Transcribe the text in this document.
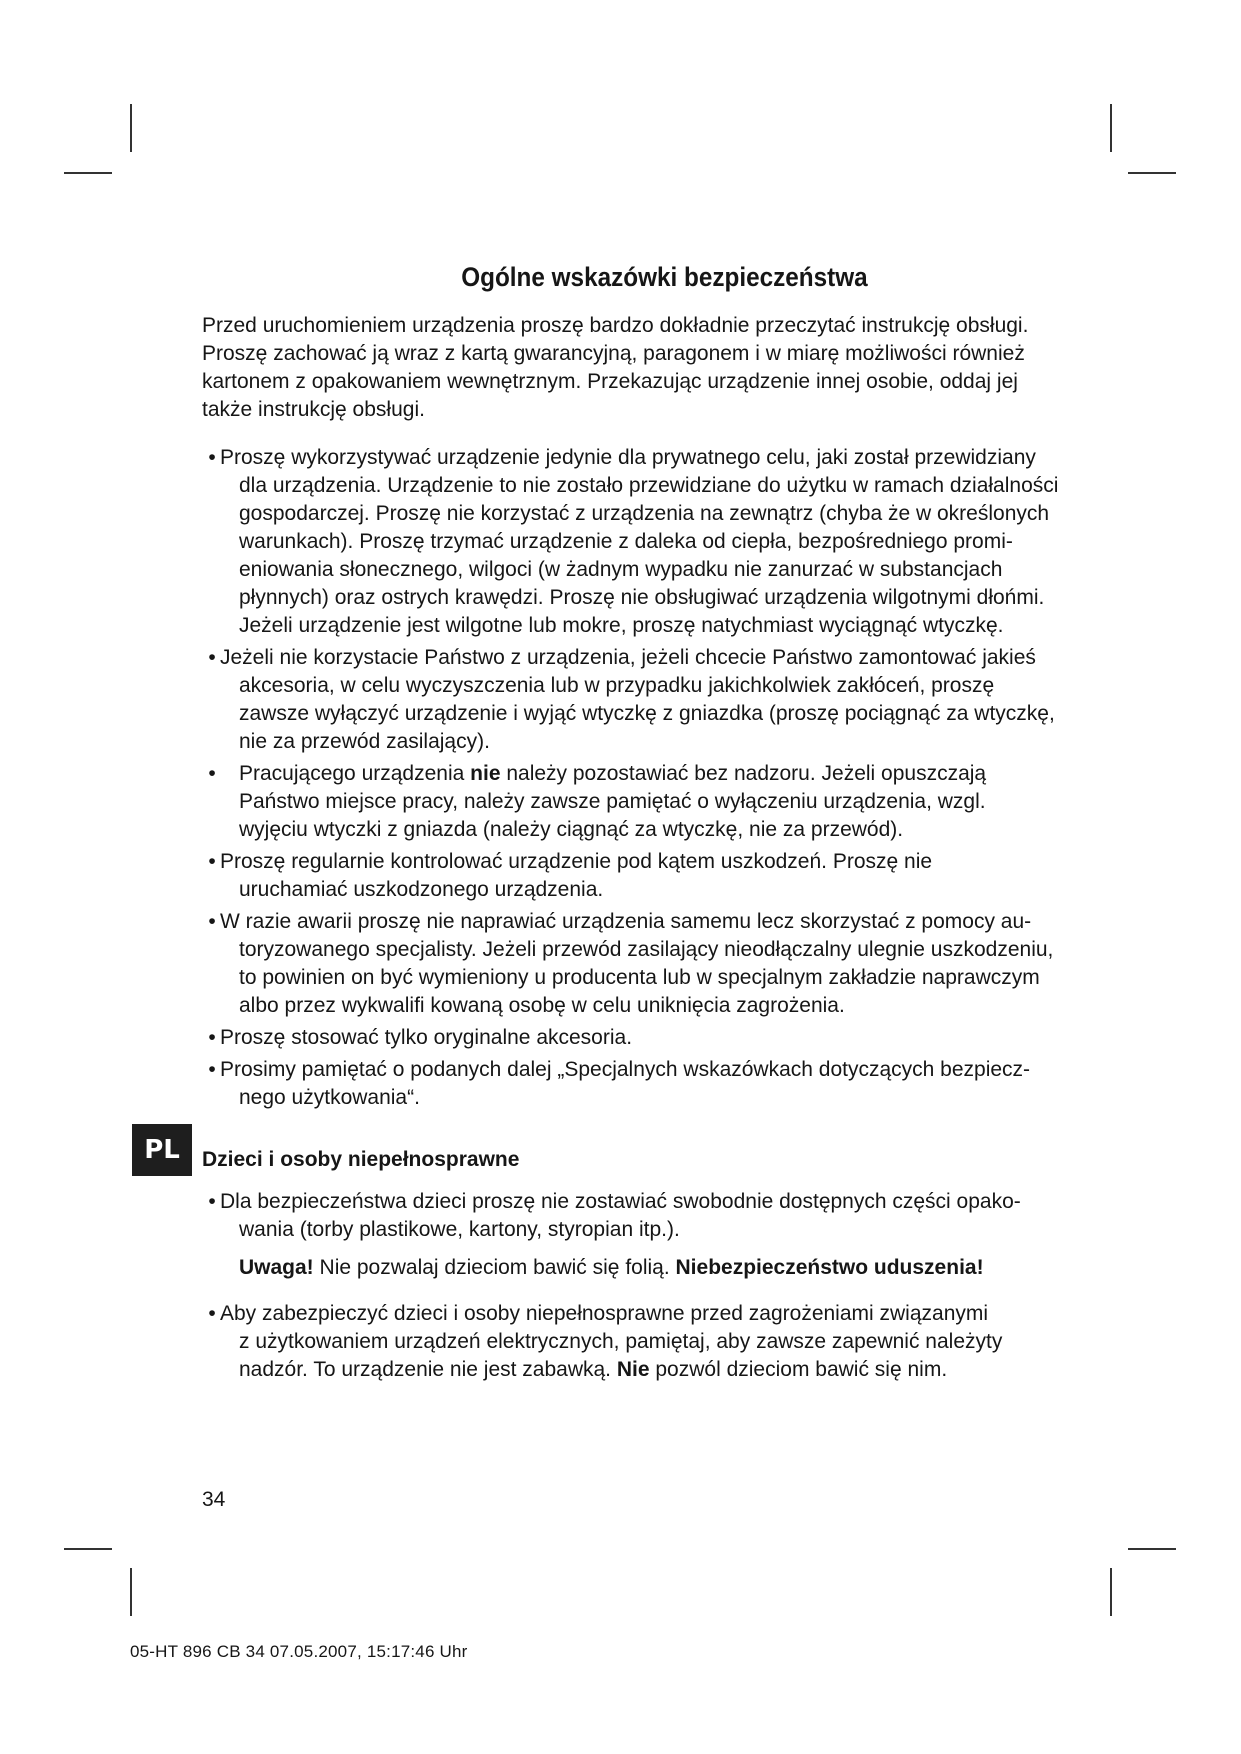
Ogólne wskazówki bezpieczeństwa

Przed uruchomieniem urządzenia proszę bardzo dokładnie przeczytać instrukcję obsługi.
Proszę zachować ją wraz z kartą gwarancyjną, paragonem i w miarę możliwości również
kartonem z opakowaniem wewnętrznym. Przekazując urządzenie innej osobie, oddaj jej
także instrukcję obsługi.

• Proszę wykorzystywać urządzenie jedynie dla prywatnego celu, jaki został przewidziany
dla urządzenia. Urządzenie to nie zostało przewidziane do użytku w ramach działalności
gospodarczej. Proszę nie korzystać z urządzenia na zewnątrz (chyba że w określonych
warunkach). Proszę trzymać urządzenie z daleka od ciepła, bezpośredniego promi-
eniowania słonecznego, wilgoci (w żadnym wypadku nie zanurzać w substancjach
płynnych) oraz ostrych krawędzi. Proszę nie obsługiwać urządzenia wilgotnymi dłońmi.
Jeżeli urządzenie jest wilgotne lub mokre, proszę natychmiast wyciągnąć wtyczkę.
• Jeżeli nie korzystacie Państwo z urządzenia, jeżeli chcecie Państwo zamontować jakieś
akcesoria, w celu wyczyszczenia lub w przypadku jakichkolwiek zakłóceń, proszę
zawsze wyłączyć urządzenie i wyjąć wtyczkę z gniazdka (proszę pociągnąć za wtyczkę,
nie za przewód zasilający).
•	Pracującego urządzenia nie należy pozostawiać bez nadzoru. Jeżeli opuszczają
Państwo miejsce pracy, należy zawsze pamiętać o wyłączeniu urządzenia, wzgl.
wyjęciu wtyczki z gniazda (należy ciągnąć za wtyczkę, nie za przewód).
• Proszę regularnie kontrolować urządzenie pod kątem uszkodzeń. Proszę nie
uruchamiać uszkodzonego urządzenia.
• W razie awarii proszę nie naprawiać urządzenia samemu lecz skorzystać z pomocy au-
toryzowanego specjalisty. Jeżeli przewód zasilający nieodłączalny ulegnie uszkodzeniu,
to powinien on być wymieniony u producenta lub w specjalnym zakładzie naprawczym
albo przez wykwalifi kowaną osobę w celu uniknięcia zagrożenia.
• Proszę stosować tylko oryginalne akcesoria.
• Prosimy pamiętać o podanych dalej „Specjalnych wskazówkach dotyczących bezpiecz-
nego użytkowania“.

Dzieci i osoby niepełnosprawne

• Dla bezpieczeństwa dzieci proszę nie zostawiać swobodnie dostępnych części opako-
wania (torby plastikowe, kartony, styropian itp.).

Uwaga! Nie pozwalaj dzieciom bawić się folią. Niebezpieczeństwo uduszenia!

• Aby zabezpieczyć dzieci i osoby niepełnosprawne przed zagrożeniami związanymi
z użytkowaniem urządzeń elektrycznych, pamiętaj, aby zawsze zapewnić należyty
nadzór. To urządzenie nie jest zabawką. Nie pozwól dzieciom bawić się nim.
PL
34
05-HT 896 CB 34 07.05.2007, 15:17:46 Uhr
